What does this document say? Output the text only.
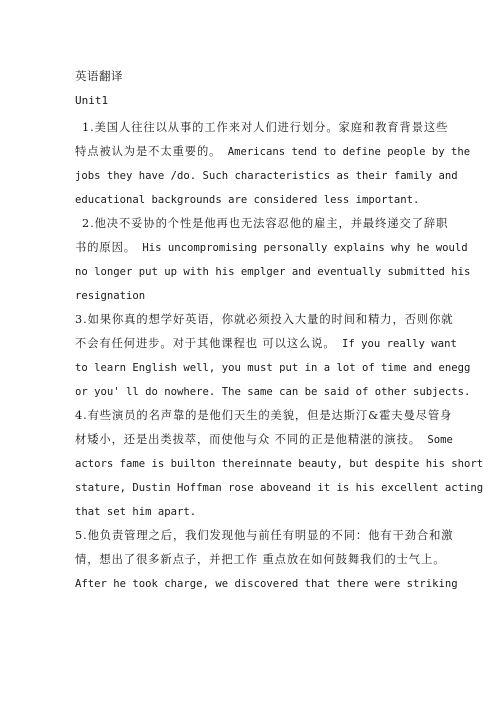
英语翻译
Unit1
1.美国人往往以从事的工作来对人们进行划分。家庭和教育背景这些
特点被认为是不太重要的。 Americans tend to define people by the
jobs they have /do. Such characteristics as their family and
educational backgrounds are considered less important.
2.他决不妥协的个性是他再也无法容忍他的雇主，并最终递交了辞职
书的原因。 His uncompromising personally explains why he would
no longer put up with his emplger and eventually submitted his
resignation
3.如果你真的想学好英语，你就必须投入大量的时间和精力，否则你就
不会有任何进步。对于其他课程也 可以这么说。 If you really want
to learn English well, you must put in a lot of time and enegg
or you' ll do nowhere. The same can be said of other subjects.
4.有些演员的名声靠的是他们天生的美貌，但是达斯汀&霍夫曼尽管身
材矮小，还是出类拔萃，而使他与众 不同的正是他精湛的演技。 Some
actors fame is builton thereinnate beauty, but despite his short
stature, Dustin Hoffman rose aboveand it is his excellent acting
that set him apart.
5.他负责管理之后，我们发现他与前任有明显的不同：他有干劲合和激
情，想出了很多新点子，并把工作 重点放在如何鼓舞我们的士气上。
After he took charge, we discovered that there were striking
